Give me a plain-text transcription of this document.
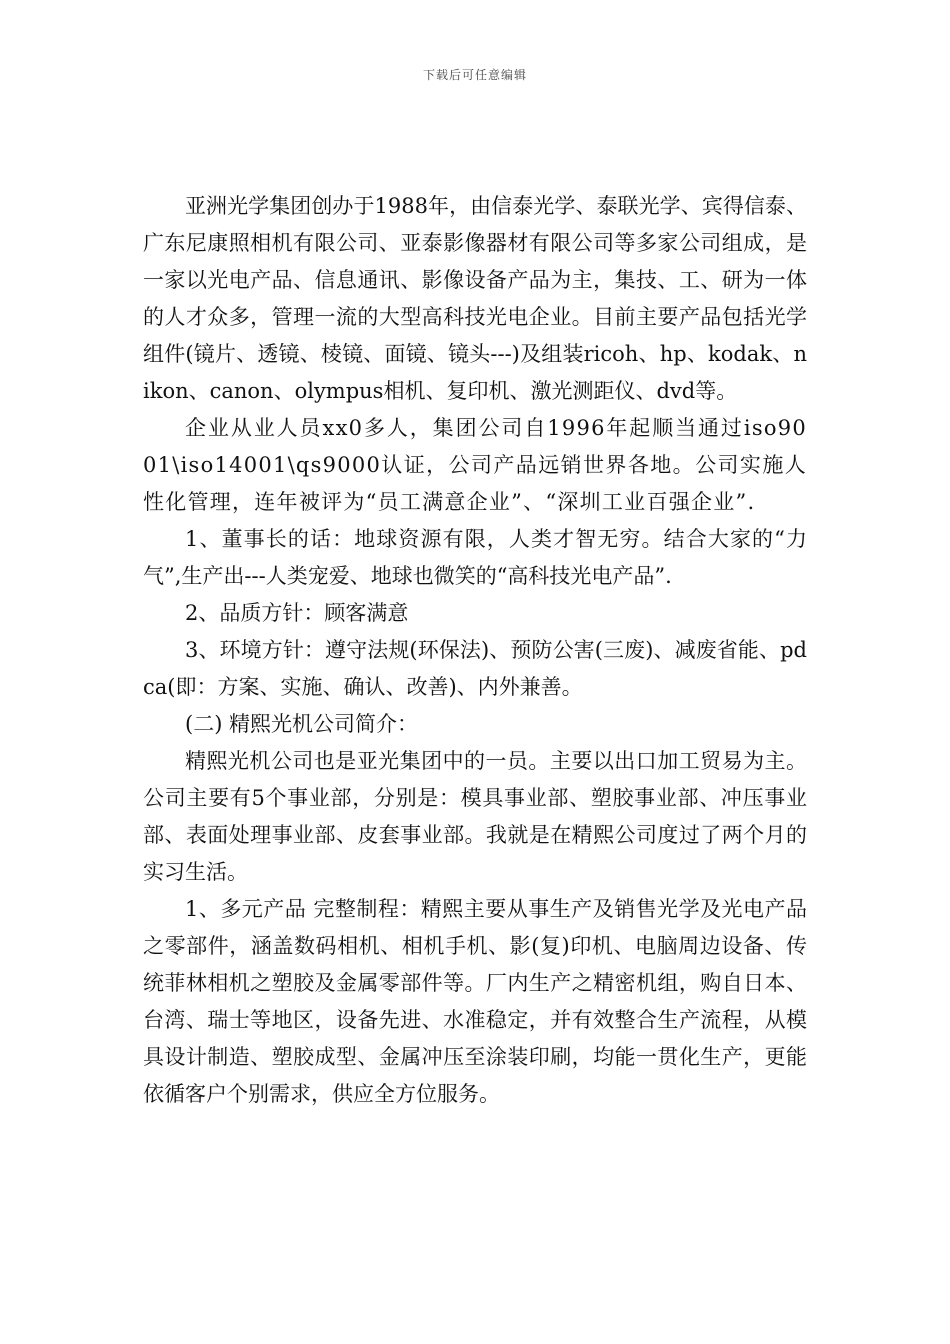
下载后可任意编辑

亚洲光学集团创办于1988年，由信泰光学、泰联光学、宾得信泰、广东尼康照相机有限公司、亚泰影像器材有限公司等多家公司组成，是一家以光电产品、信息通讯、影像设备产品为主，集技、工、研为一体的人才众多，管理一流的大型高科技光电企业。目前主要产品包括光学组件(镜片、透镜、棱镜、面镜、镜头---)及组装ricoh、hp、kodak、nikon、canon、olympus相机、复印机、激光测距仪、dvd等。

企业从业人员xx0多人，集团公司自1996年起顺当通过iso9001\iso14001\qs9000认证，公司产品远销世界各地。公司实施人性化管理，连年被评为“员工满意企业”、“深圳工业百强企业”.

1、董事长的话：地球资源有限，人类才智无穷。结合大家的“力气”,生产出---人类宠爱、地球也微笑的“高科技光电产品”.

2、品质方针：顾客满意

3、环境方针：遵守法规(环保法)、预防公害(三废)、减废省能、pdca(即：方案、实施、确认、改善)、内外兼善。

(二) 精熙光机公司简介：

精熙光机公司也是亚光集团中的一员。主要以出口加工贸易为主。公司主要有5个事业部，分别是：模具事业部、塑胶事业部、冲压事业部、表面处理事业部、皮套事业部。我就是在精熙公司度过了两个月的实习生活。

1、多元产品 完整制程：精熙主要从事生产及销售光学及光电产品之零部件，涵盖数码相机、相机手机、影(复)印机、电脑周边设备、传统菲林相机之塑胶及金属零部件等。厂内生产之精密机组，购自日本、台湾、瑞士等地区，设备先进、水准稳定，并有效整合生产流程，从模具设计制造、塑胶成型、金属冲压至涂装印刷，均能一贯化生产，更能依循客户个别需求，供应全方位服务。
